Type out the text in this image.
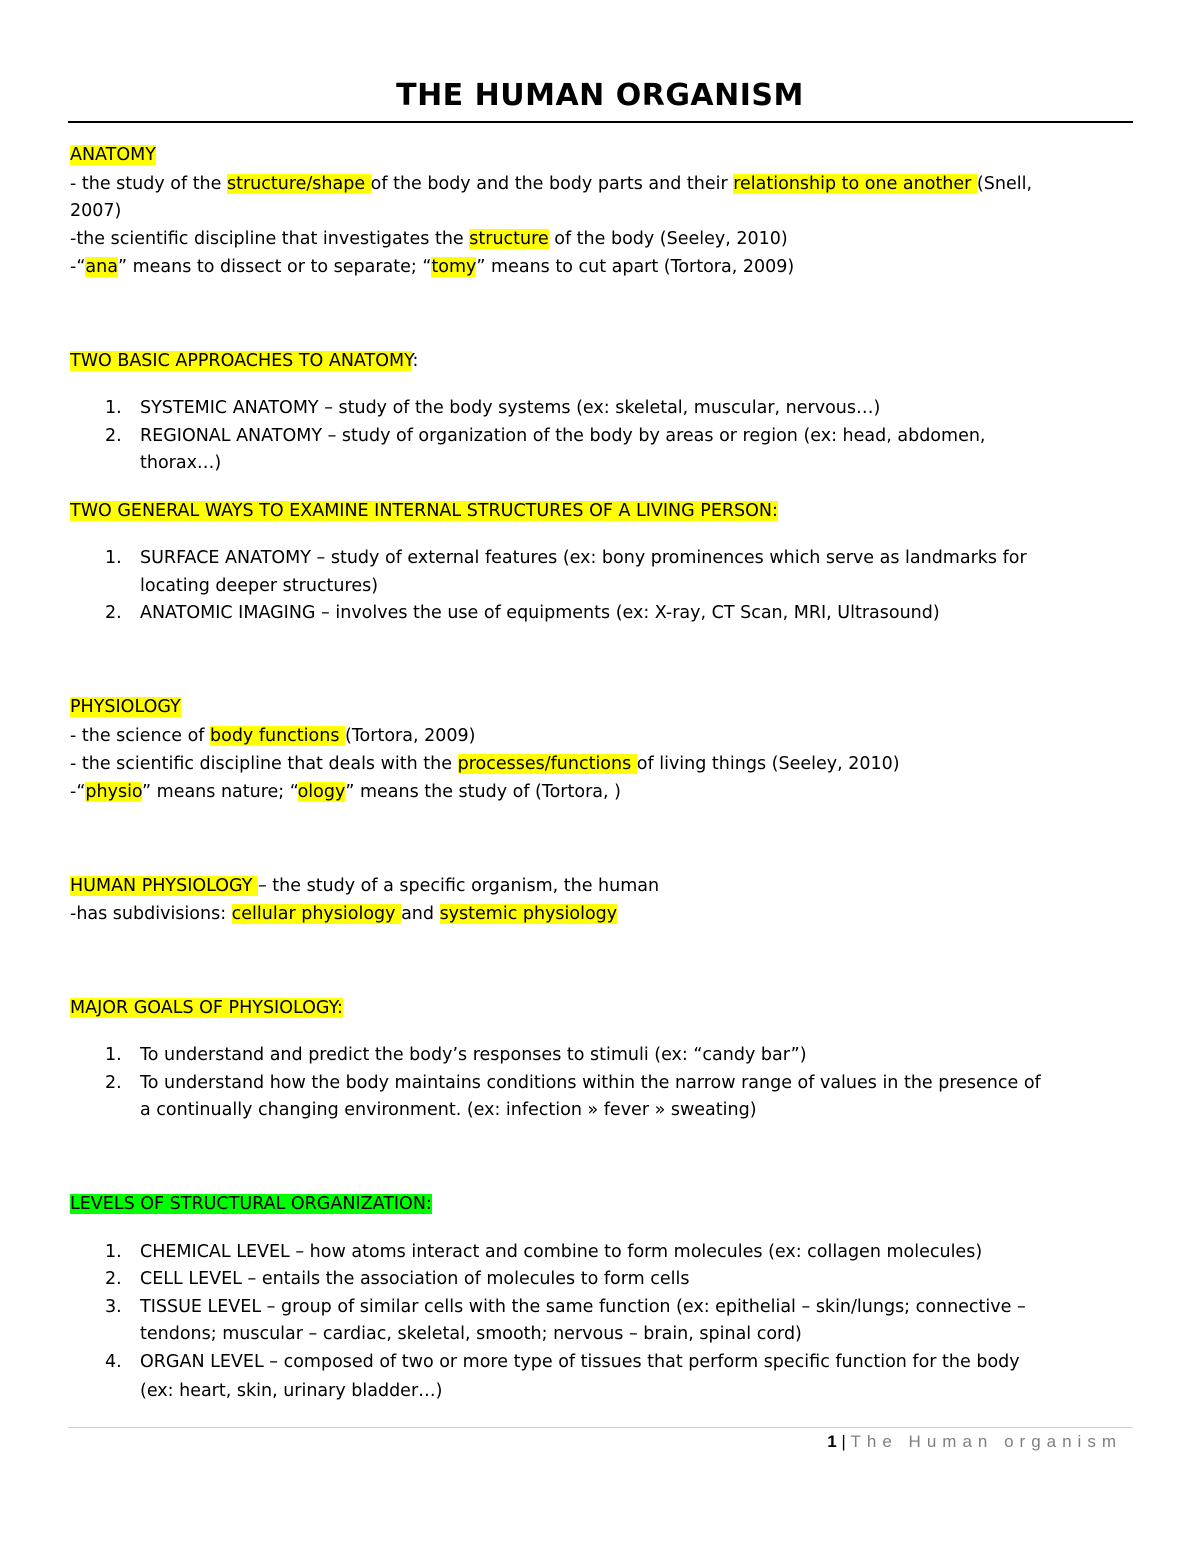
THE HUMAN ORGANISM
ANATOMY
- the study of the structure/shape of the body and the body parts and their relationship to one another (Snell,
2007)
-the scientific discipline that investigates the structure of the body (Seeley, 2010)
-“ana” means to dissect or to separate; “tomy” means to cut apart (Tortora, 2009)
TWO BASIC APPROACHES TO ANATOMY:
1.	SYSTEMIC ANATOMY – study of the body systems (ex: skeletal, muscular, nervous…)
2.	REGIONAL ANATOMY – study of organization of the body by areas or region (ex: head, abdomen,
thorax…)
TWO GENERAL WAYS TO EXAMINE INTERNAL STRUCTURES OF A LIVING PERSON:
1.	SURFACE ANATOMY – study of external features (ex: bony prominences which serve as landmarks for
locating deeper structures)
2.	ANATOMIC IMAGING – involves the use of equipments (ex: X-ray, CT Scan, MRI, Ultrasound)
PHYSIOLOGY
- the science of body functions (Tortora, 2009)
- the scientific discipline that deals with the processes/functions of living things (Seeley, 2010)
-“physio” means nature; “ology” means the study of (Tortora, )
HUMAN PHYSIOLOGY – the study of a specific organism, the human
-has subdivisions: cellular physiology and systemic physiology
MAJOR GOALS OF PHYSIOLOGY:
1.	To understand and predict the body’s responses to stimuli (ex: “candy bar”)
2.	To understand how the body maintains conditions within the narrow range of values in the presence of
a continually changing environment. (ex: infection » fever » sweating)
LEVELS OF STRUCTURAL ORGANIZATION:
1.	CHEMICAL LEVEL – how atoms interact and combine to form molecules (ex: collagen molecules)
2.	CELL LEVEL – entails the association of molecules to form cells
3.	TISSUE LEVEL – group of similar cells with the same function (ex: epithelial – skin/lungs; connective –
tendons; muscular – cardiac, skeletal, smooth; nervous – brain, spinal cord)
4.	ORGAN LEVEL – composed of two or more type of tissues that perform specific function for the body
(ex: heart, skin, urinary bladder…)
1 | The Human organism
